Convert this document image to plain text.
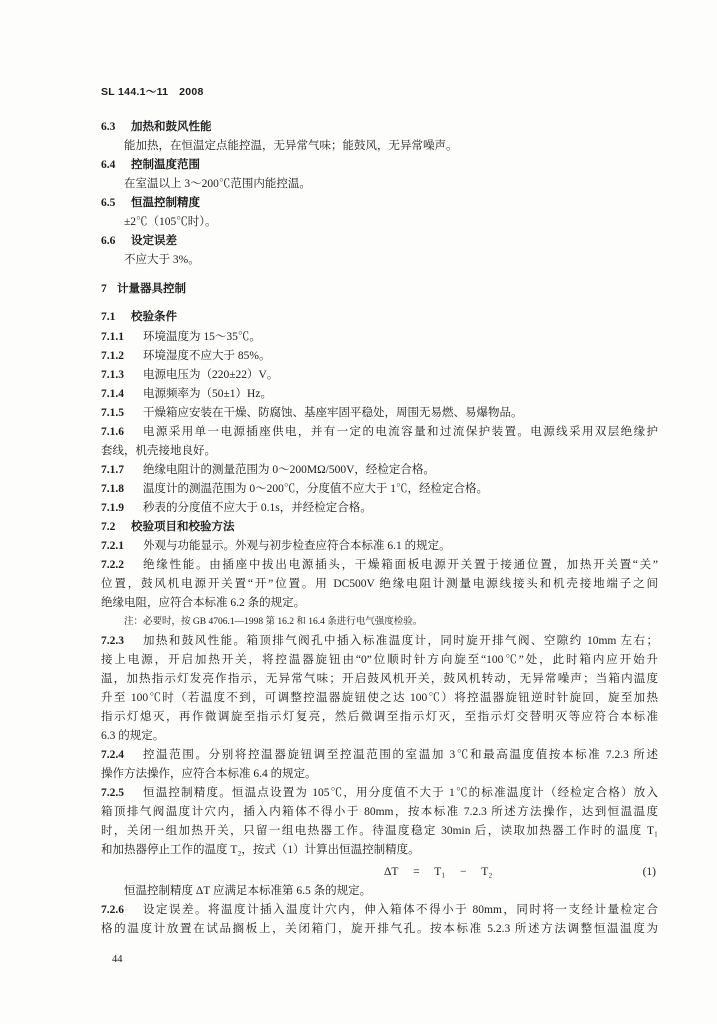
SL 144.1～11　2008
6.3	加热和鼓风性能
能加热，在恒温定点能控温，无异常气味；能鼓风，无异常噪声。
6.4	控制温度范围
在室温以上 3～200℃范围内能控温。
6.5	恒温控制精度
±2℃（105℃时）。
6.6	设定误差
不应大于 3%。
7 计量器具控制
7.1	校验条件
7.1.1	环境温度为 15～35℃。
7.1.2	环境湿度不应大于 85%。
7.1.3	电源电压为（220±22）V。
7.1.4	电源频率为（50±1）Hz。
7.1.5	干燥箱应安装在干燥、防腐蚀、基座牢固平稳处，周围无易燃、易爆物品。
7.1.6	电源采用单一电源插座供电，并有一定的电流容量和过流保护装置。电源线采用双层绝缘护
套线，机壳接地良好。
7.1.7	绝缘电阻计的测量范围为 0～200MΩ/500V，经检定合格。
7.1.8	温度计的测温范围为 0～200℃，分度值不应大于 1℃，经检定合格。
7.1.9	秒表的分度值不应大于 0.1s，并经检定合格。
7.2	校验项目和校验方法
7.2.1	外观与功能显示。外观与初步检查应符合本标准 6.1 的规定。
7.2.2	绝缘性能。由插座中拔出电源插头，干燥箱面板电源开关置于接通位置，加热开关置“关”
位置，鼓风机电源开关置“开”位置。用 DC500V 绝缘电阻计测量电源线接头和机壳接地端子之间
绝缘电阻，应符合本标准 6.2 条的规定。
注：必要时，按 GB 4706.1—1998 第 16.2 和 16.4 条进行电气强度检验。
7.2.3	加热和鼓风性能。箱顶排气阀孔中插入标准温度计，同时旋开排气阀、空隙约 10mm 左右；
接上电源，开启加热开关，将控温器旋钮由“0”位顺时针方向旋至“100℃”处，此时箱内应开始升
温，加热指示灯发亮作指示，无异常气味；开启鼓风机开关，鼓风机转动，无异常噪声；当箱内温度
升至 100℃时（若温度不到，可调整控温器旋钮使之达 100℃）将控温器旋钮逆时针旋回，旋至加热
指示灯熄灭，再作微调旋至指示灯复亮，然后微调至指示灯灭，至指示灯交替明灭等应符合本标准
6.3 的规定。
7.2.4	控温范围。分别将控温器旋钮调至控温范围的室温加 3℃和最高温度值按本标准 7.2.3 所述
操作方法操作，应符合本标准 6.4 的规定。
7.2.5	恒温控制精度。恒温点设置为 105℃，用分度值不大于 1℃的标准温度计（经检定合格）放入
箱顶排气阀温度计穴内，插入内箱体不得小于 80mm，按本标准 7.2.3 所述方法操作，达到恒温温度
时，关闭一组加热开关，只留一组电热器工作。待温度稳定 30min 后，读取加热器工作时的温度 T₁
和加热器停止工作的温度 T₂，按式（1）计算出恒温控制精度。
ΔT = T₁ − T₂	(1)
恒温控制精度 ΔT 应满足本标准第 6.5 条的规定。
7.2.6	设定误差。将温度计插入温度计穴内，伸入箱体不得小于 80mm，同时将一支经计量检定合
格的温度计放置在试品搁板上，关闭箱门，旋开排气孔。按本标准 5.2.3 所述方法调整恒温温度为
44
